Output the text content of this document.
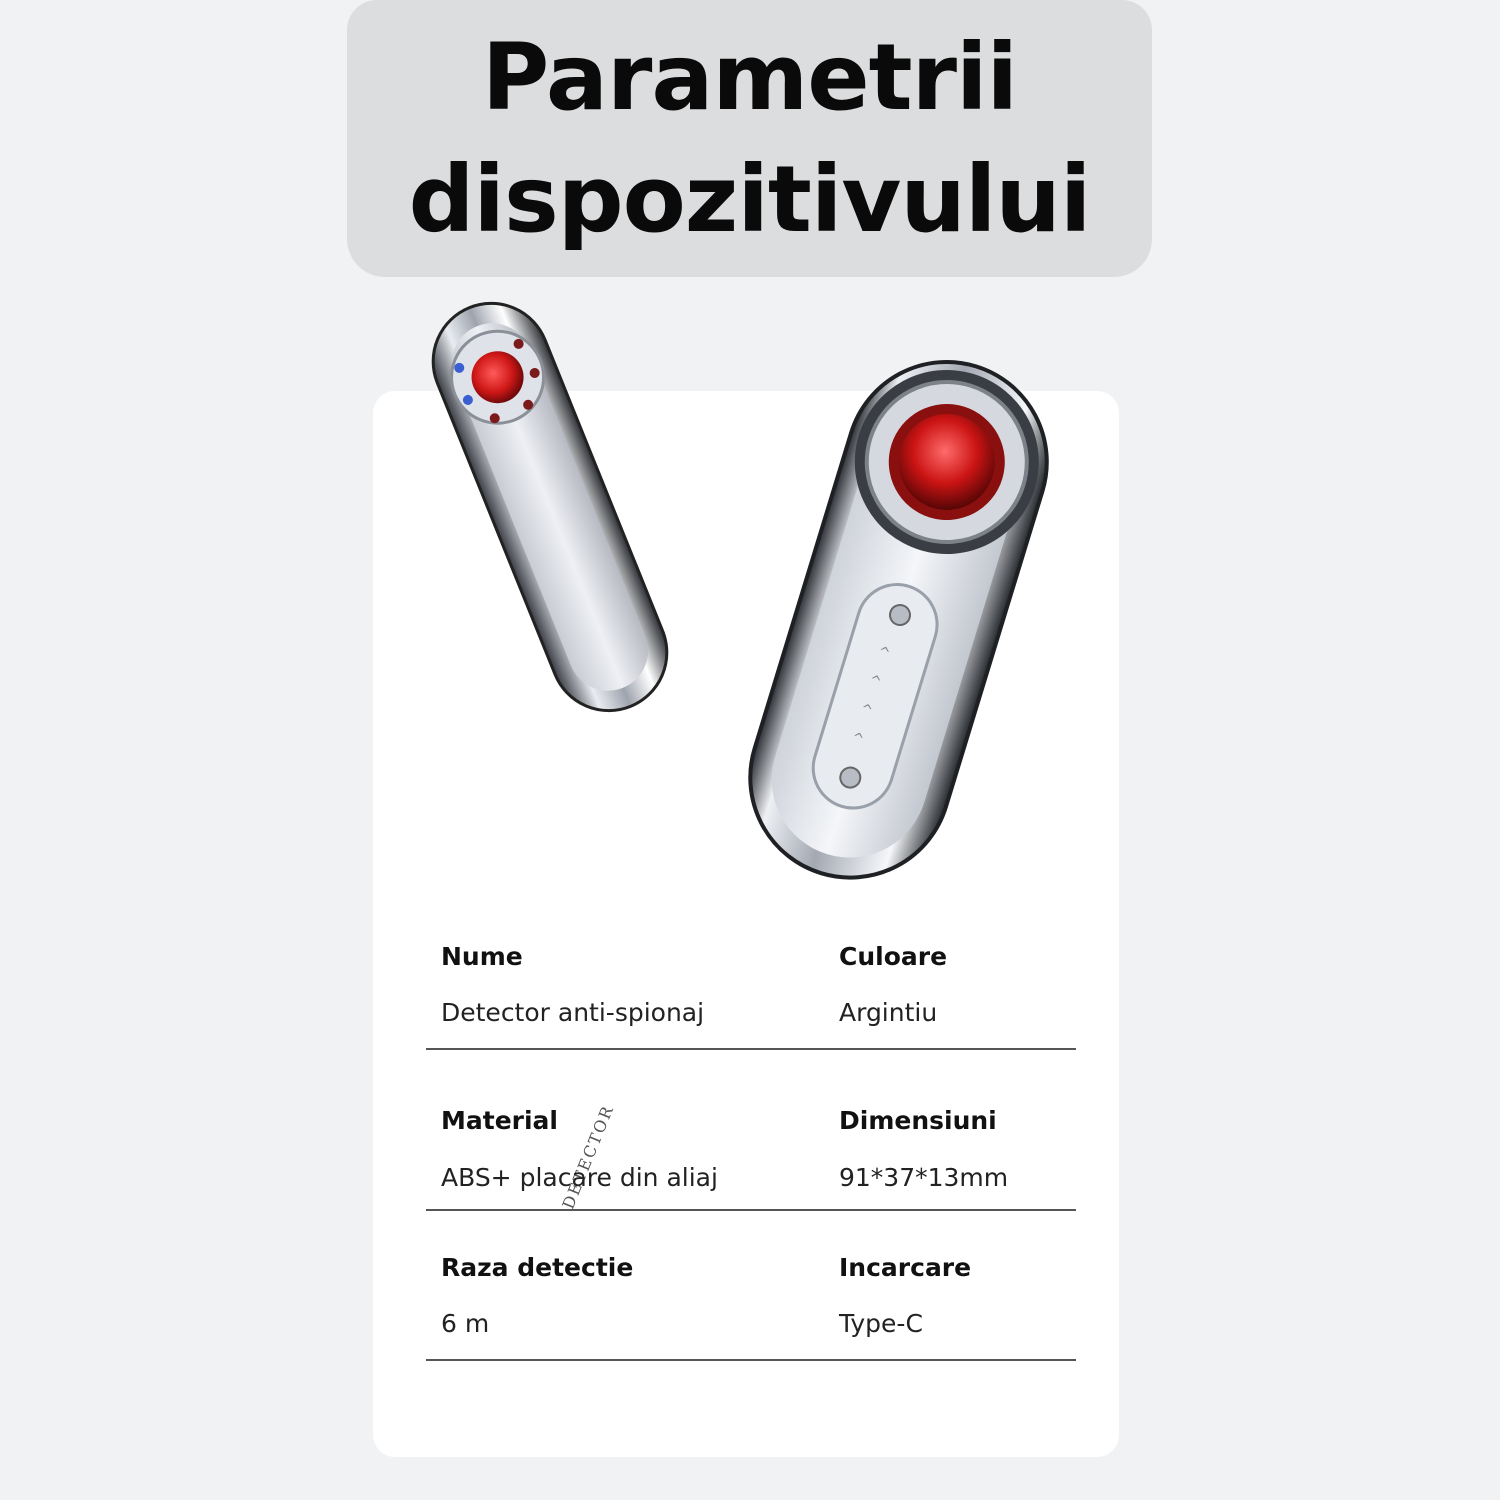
Parametrii
dispozitivului
DETECTOR
^
^
^
^
Nume
Detector anti-spionaj
Culoare
Argintiu
Material
ABS+ placare din aliaj
Dimensiuni
91*37*13mm
Raza detectie
6 m
Incarcare
Type-C
